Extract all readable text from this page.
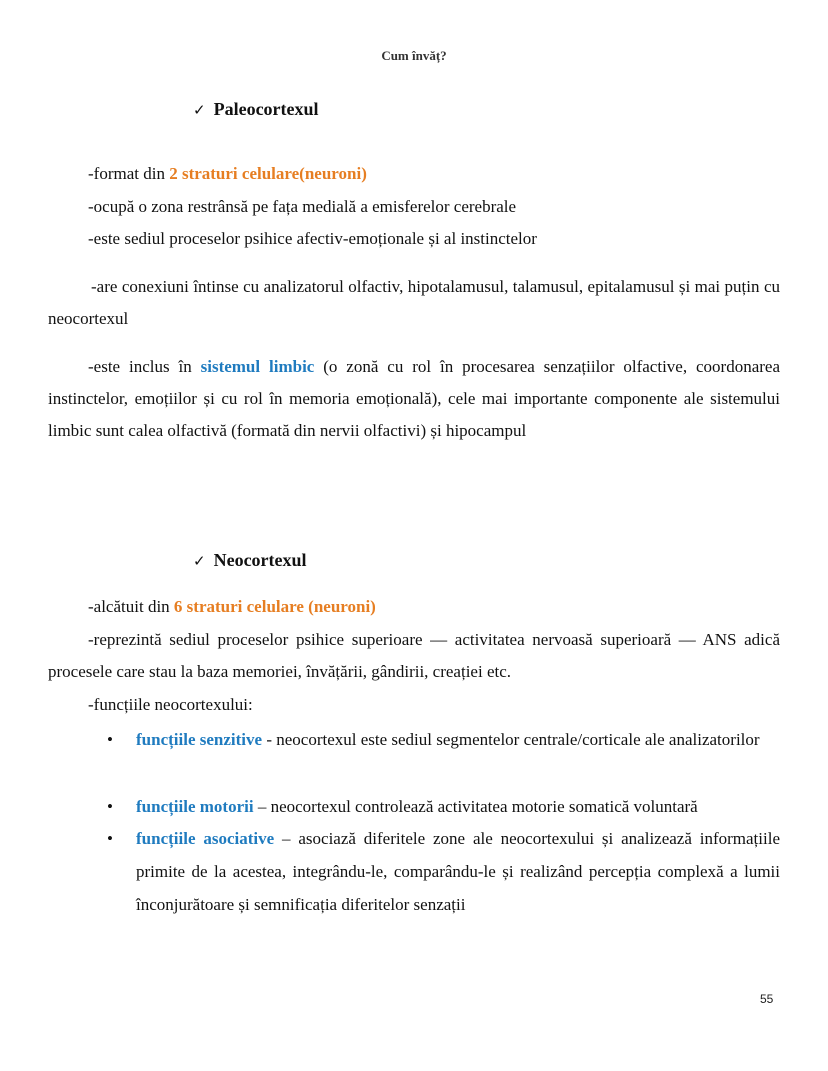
Cum învăț?
✓ Paleocortexul
-format din 2 straturi celulare(neuroni)
-ocupă o zona restrânsă pe fața medială a emisferelor cerebrale
-este sediul proceselor psihice afectiv-emoționale și al instinctelor
-are conexiuni întinse cu analizatorul olfactiv, hipotalamusul, talamusul, epitalamusul și mai puțin cu neocortexul
-este inclus în sistemul limbic (o zonă cu rol în procesarea senzațiilor olfactive, coordonarea instinctelor, emoțiilor și cu rol în memoria emoțională), cele mai importante componente ale sistemului limbic sunt calea olfactivă (formată din nervii olfactivi) și hipocampul
✓ Neocortexul
-alcătuit din 6 straturi celulare (neuroni)
-reprezintă sediul proceselor psihice superioare — activitatea nervoasă superioară — ANS adică procesele care stau la baza memoriei, învățării, gândirii, creației etc.
-funcțiile neocortexului:
• funcțiile senzitive - neocortexul este sediul segmentelor centrale/corticale ale analizatorilor
• funcțiile motorii – neocortexul controlează activitatea motorie somatică voluntară
• funcțiile asociative – asociază diferitele zone ale neocortexului și analizează informațiile primite de la acestea, integrându-le, comparându-le și realizând percepția complexă a lumii înconjurătoare și semnificația diferitelor senzații
55
